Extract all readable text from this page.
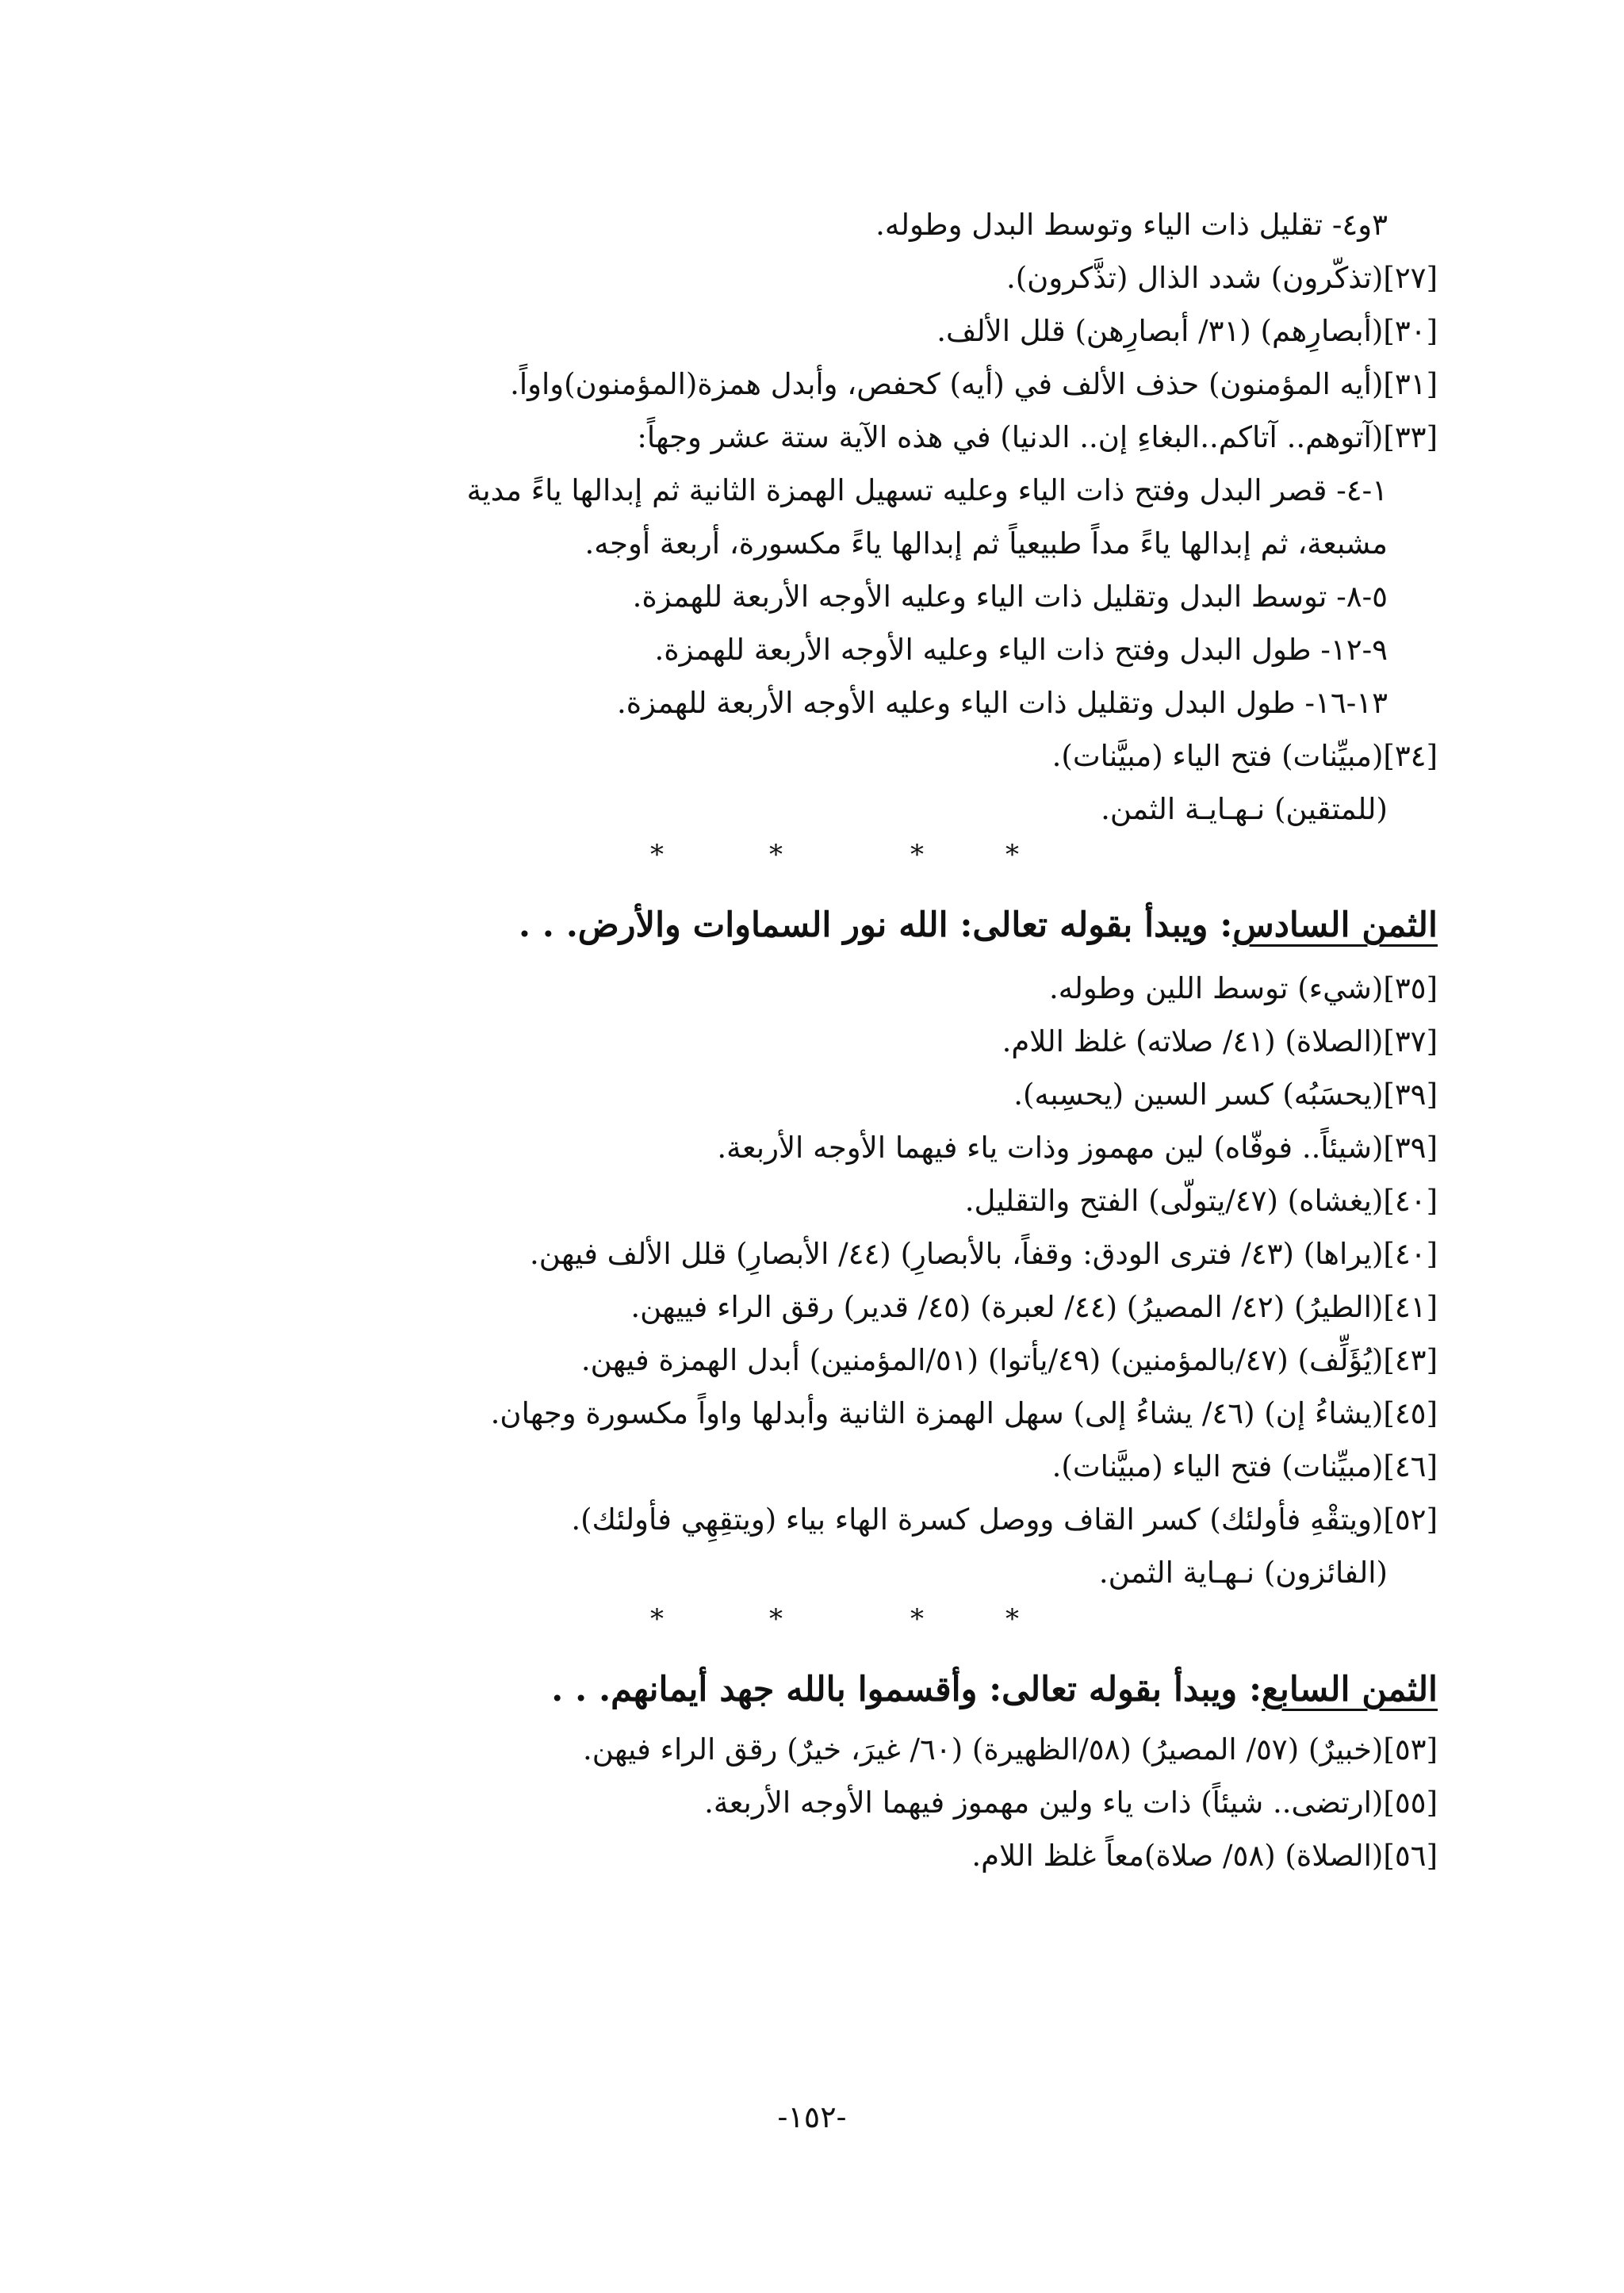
٣و٤- تقليل ذات الياء وتوسط البدل وطوله.
[٢٧](تذكّرون) شدد الذال (تذَّكرون).
[٣٠](أبصارِهم) (٣١/ أبصارِهن) قلل الألف.
[٣١](أيه المؤمنون) حذف الألف في (أيه) كحفص، وأبدل همزة(المؤمنون)واواً.
[٣٣](آتوهم.. آتاكم..البغاءِ إن.. الدنيا) في هذه الآية ستة عشر وجهاً:
١-٤- قصر البدل وفتح ذات الياء وعليه تسهيل الهمزة الثانية ثم إبدالها ياءً مدية
مشبعة، ثم إبدالها ياءً مداً طبيعياً ثم إبدالها ياءً مكسورة، أربعة أوجه.
٥-٨- توسط البدل وتقليل ذات الياء وعليه الأوجه الأربعة للهمزة.
٩-١٢- طول البدل وفتح ذات الياء وعليه الأوجه الأربعة للهمزة.
١٣-١٦- طول البدل وتقليل ذات الياء وعليه الأوجه الأربعة للهمزة.
[٣٤](مبيِّنات) فتح الياء (مبيَّنات).
(للمتقين) نـهـايـة الثمن.
*
*
*
*
الثمن السادس: ويبدأ بقوله تعالى: الله نور السماوات والأرض. . .
[٣٥](شيء) توسط اللين وطوله.
[٣٧](الصلاة) (٤١/ صلاته) غلظ اللام.
[٣٩](يحسَبُه) كسر السين (يحسِبه).
[٣٩](شيئاً.. فوفّاه) لين مهموز وذات ياء فيهما الأوجه الأربعة.
[٤٠](يغشاه) (٤٧/يتولّى) الفتح والتقليل.
[٤٠](يراها) (٤٣/ فترى الودق: وقفاً، بالأبصارِ) (٤٤/ الأبصارِ) قلل الألف فيهن.
[٤١](الطيرُ) (٤٢/ المصيرُ) (٤٤/ لعبرة) (٤٥/ قدير) رقق الراء فييهن.
[٤٣](يُؤَلِّف) (٤٧/بالمؤمنين) (٤٩/يأتوا) (٥١/المؤمنين) أبدل الهمزة فيهن.
[٤٥](يشاءُ إن) (٤٦/ يشاءُ إلى) سهل الهمزة الثانية وأبدلها واواً مكسورة وجهان.
[٤٦](مبيِّنات) فتح الياء (مبيَّنات).
[٥٢](ويتقْهِ فأولئك) كسر القاف ووصل كسرة الهاء بياء (ويتقِهِي فأولئك).
(الفائزون) نـهـاية الثمن.
*
*
*
*
الثمن السابع: ويبدأ بقوله تعالى: وأقسموا بالله جهد أيمانهم. . .
[٥٣](خبيرٌ) (٥٧/ المصيرُ) (٥٨/الظهيرة) (٦٠/ غيرَ، خيرٌ) رقق الراء فيهن.
[٥٥](ارتضى.. شيئاً) ذات ياء ولين مهموز فيهما الأوجه الأربعة.
[٥٦](الصلاة) (٥٨/ صلاة)معاً غلظ اللام.
-١٥٢-
